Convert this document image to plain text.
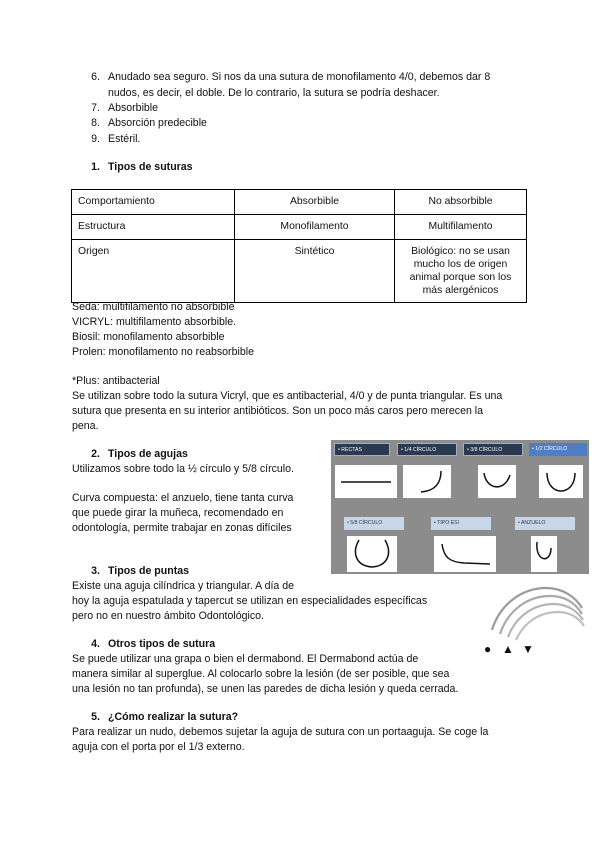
6. Anudado sea seguro. Si nos da una sutura de monofilamento 4/0, debemos dar 8
nudos, es decir, el doble. De lo contrario, la sutura se podría deshacer.
7. Absorbible
8. Absorción predecible
9. Estéril.
1. Tipos de suturas
Comportamiento	Absorbible	No absorbible
Estructura	Monofilamento	Multifilamento
Origen	Sintético	Biológico: no se usan mucho los de origen animal porque son los más alergénicos
Seda: multifilamento no absorbible
VICRYL: multifilamento absorbible.
Biosil: monofilamento absorbible
Prolen: monofilamento no reabsorbible
*Plus: antibacterial
Se utilizan sobre todo la sutura Vicryl, que es antibacterial, 4/0 y de punta triangular. Es una
sutura que presenta en su interior antibióticos. Son un poco más caros pero merecen la
pena.
2. Tipos de agujas
Utilizamos sobre todo la ½ círculo y 5/8 círculo.
Curva compuesta: el anzuelo, tiene tanta curva
que puede girar la muñeca, recomendado en
odontología, permite trabajar en zonas difíciles
• RECTAS	• 1/4 CÍRCULO	• 3/8 CÍRCULO	• 1/2 CÍRCULO
• 5/8 CÍRCULO	• TIPO ESI	• ANZUELO
3. Tipos de puntas
Existe una aguja cilíndrica y triangular. A día de
hoy la aguja espatulada y tapercut se utilizan en especialidades específicas
pero no en nuestro ámbito Odontológico.
● ▲ ▼
4. Otros tipos de sutura
Se puede utilizar una grapa o bien el dermabond. El Dermabond actúa de
manera similar al superglue. Al colocarlo sobre la lesión (de ser posible, que sea
una lesión no tan profunda), se unen las paredes de dicha lesión y queda cerrada.
5. ¿Cómo realizar la sutura?
Para realizar un nudo, debemos sujetar la aguja de sutura con un portaaguja. Se coge la
aguja con el porta por el 1/3 externo.
